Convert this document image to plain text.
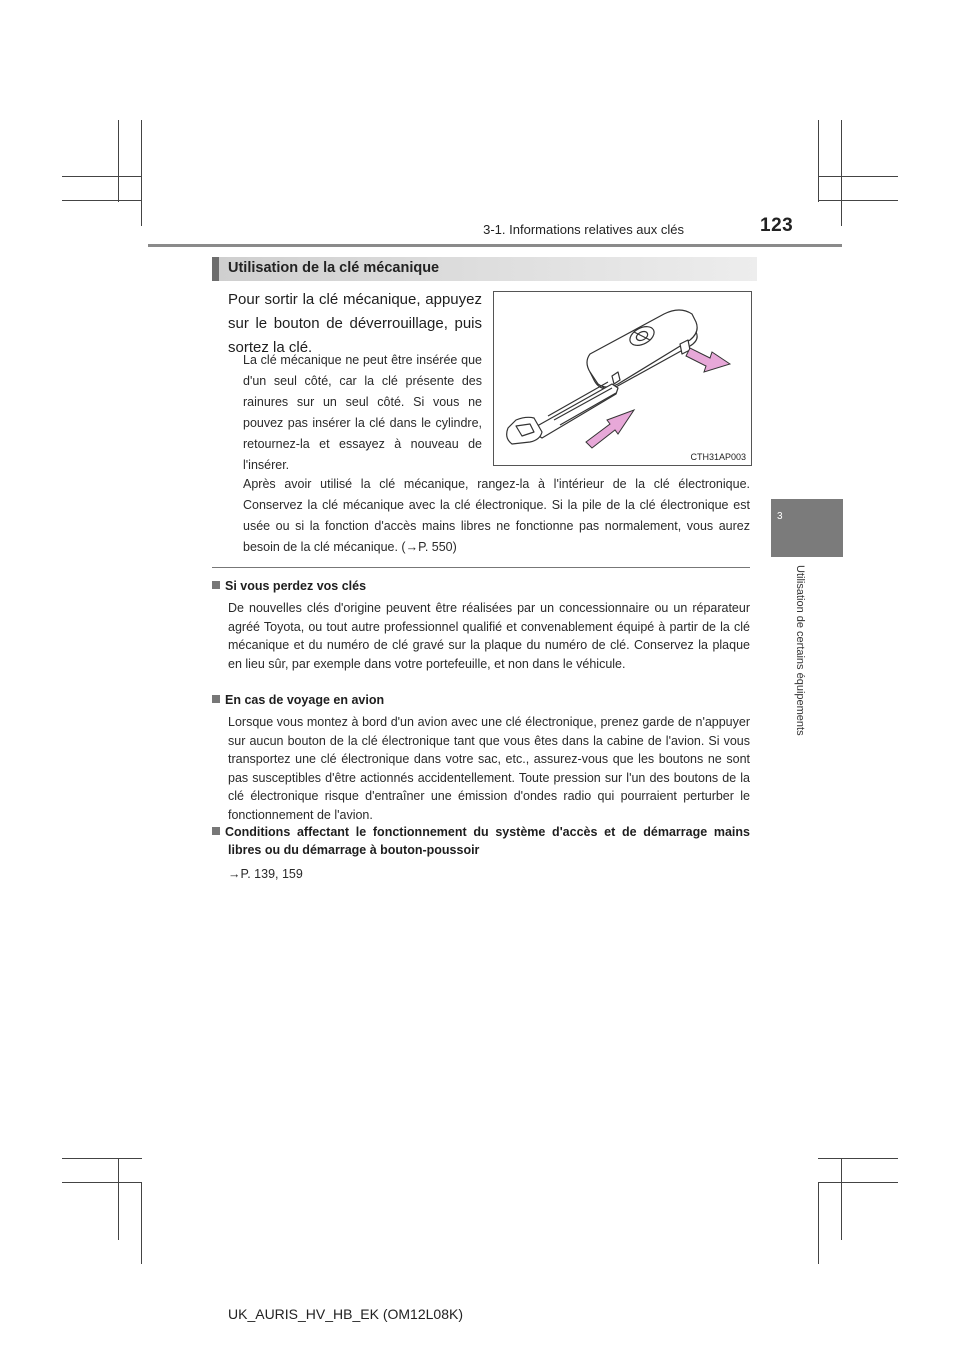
3-1. Informations relatives aux clés	123
3
Utilisation de certains équipements
Utilisation de la clé mécanique
Pour sortir la clé mécanique, appuyez sur le bouton de déverrouillage, puis sortez la clé.
La clé mécanique ne peut être insérée que d'un seul côté, car la clé présente des rainures sur un seul côté. Si vous ne pouvez pas insérer la clé dans le cylindre, retournez-la et essayez à nouveau de l'insérer.
CTH31AP003
Après avoir utilisé la clé mécanique, rangez-la à l'intérieur de la clé électronique. Conservez la clé mécanique avec la clé électronique. Si la pile de la clé électronique est usée ou si la fonction d'accès mains libres ne fonctionne pas normalement, vous aurez besoin de la clé mécanique. (→P. 550)
Si vous perdez vos clés
De nouvelles clés d'origine peuvent être réalisées par un concessionnaire ou un réparateur agréé Toyota, ou tout autre professionnel qualifié et convenablement équipé à partir de la clé mécanique et du numéro de clé gravé sur la plaque du numéro de clé. Conservez la plaque en lieu sûr, par exemple dans votre portefeuille, et non dans le véhicule.
En cas de voyage en avion
Lorsque vous montez à bord d'un avion avec une clé électronique, prenez garde de n'appuyer sur aucun bouton de la clé électronique tant que vous êtes dans la cabine de l'avion. Si vous transportez une clé électronique dans votre sac, etc., assurez-vous que les boutons ne sont pas susceptibles d'être actionnés accidentellement. Toute pression sur l'un des boutons de la clé électronique risque d'entraîner une émission d'ondes radio qui pourraient perturber le fonctionnement de l'avion.
Conditions affectant le fonctionnement du système d'accès et de démarrage mains libres ou du démarrage à bouton-poussoir
→P. 139, 159
UK_AURIS_HV_HB_EK (OM12L08K)
